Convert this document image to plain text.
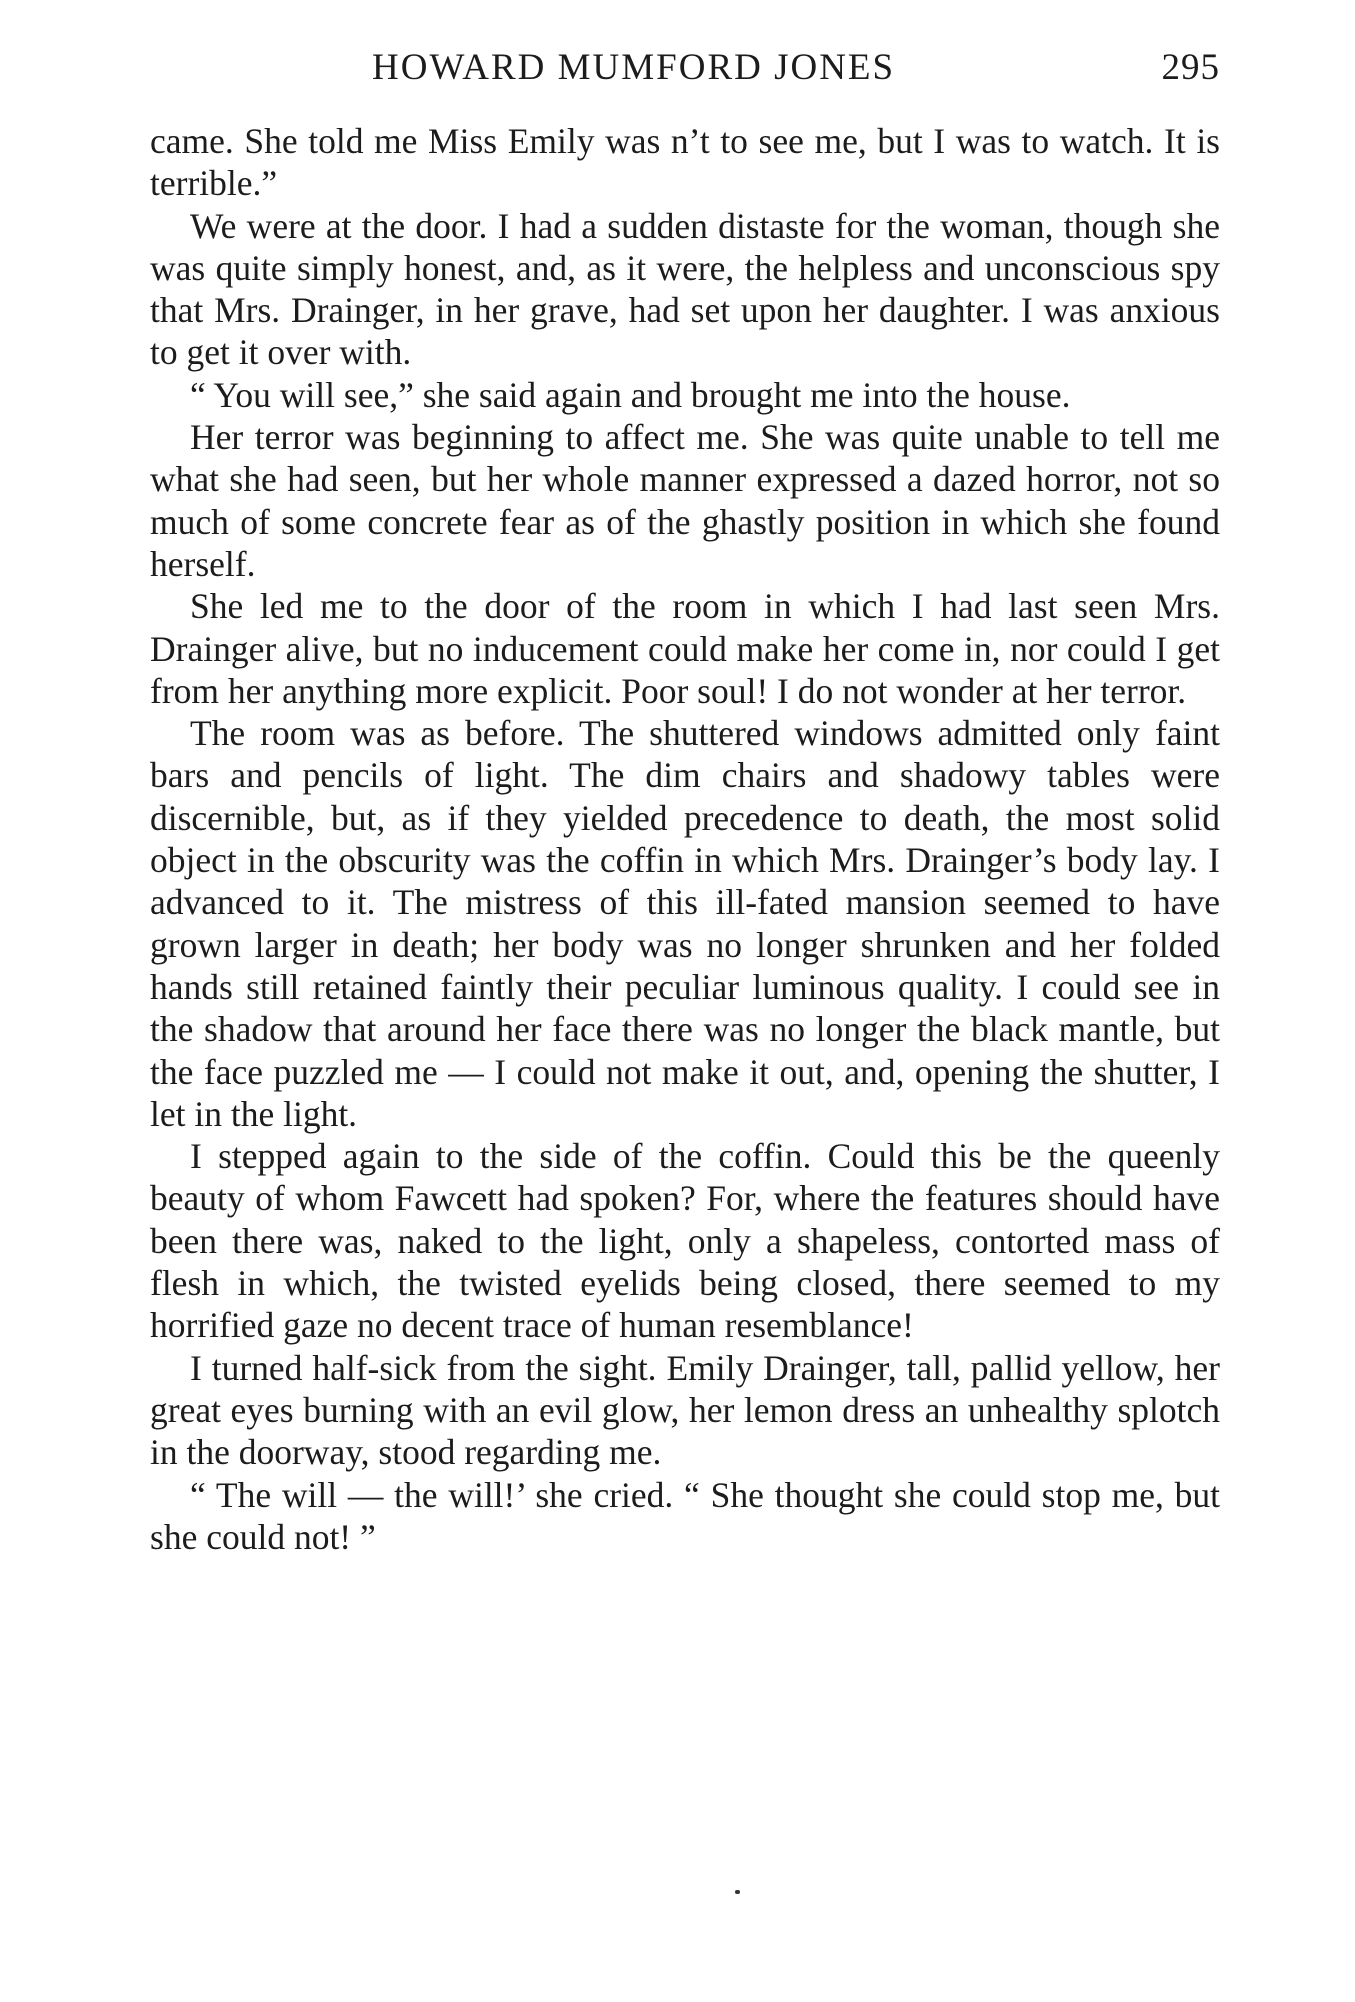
HOWARD MUMFORD JONES	295

came. She told me Miss Emily was n’t to see me, but I was to watch. It is terrible.”

We were at the door. I had a sudden distaste for the woman, though she was quite simply honest, and, as it were, the helpless and unconscious spy that Mrs. Drainger, in her grave, had set upon her daughter. I was anxious to get it over with.

“ You will see,” she said again and brought me into the house.

Her terror was beginning to affect me. She was quite unable to tell me what she had seen, but her whole manner expressed a dazed horror, not so much of some concrete fear as of the ghastly position in which she found herself.

She led me to the door of the room in which I had last seen Mrs. Drainger alive, but no inducement could make her come in, nor could I get from her anything more explicit. Poor soul! I do not wonder at her terror.

The room was as before. The shuttered windows admitted only faint bars and pencils of light. The dim chairs and shadowy tables were discernible, but, as if they yielded precedence to death, the most solid object in the obscurity was the coffin in which Mrs. Drainger’s body lay. I advanced to it. The mistress of this ill-fated mansion seemed to have grown larger in death; her body was no longer shrunken and her folded hands still retained faintly their peculiar luminous quality. I could see in the shadow that around her face there was no longer the black mantle, but the face puzzled me — I could not make it out, and, opening the shutter, I let in the light.

I stepped again to the side of the coffin. Could this be the queenly beauty of whom Fawcett had spoken? For, where the features should have been there was, naked to the light, only a shapeless, contorted mass of flesh in which, the twisted eyelids being closed, there seemed to my horrified gaze no decent trace of human resemblance!

I turned half-sick from the sight. Emily Drainger, tall, pallid yellow, her great eyes burning with an evil glow, her lemon dress an unhealthy splotch in the doorway, stood regarding me.

“ The will — the will!’ she cried. “ She thought she could stop me, but she could not! ”
